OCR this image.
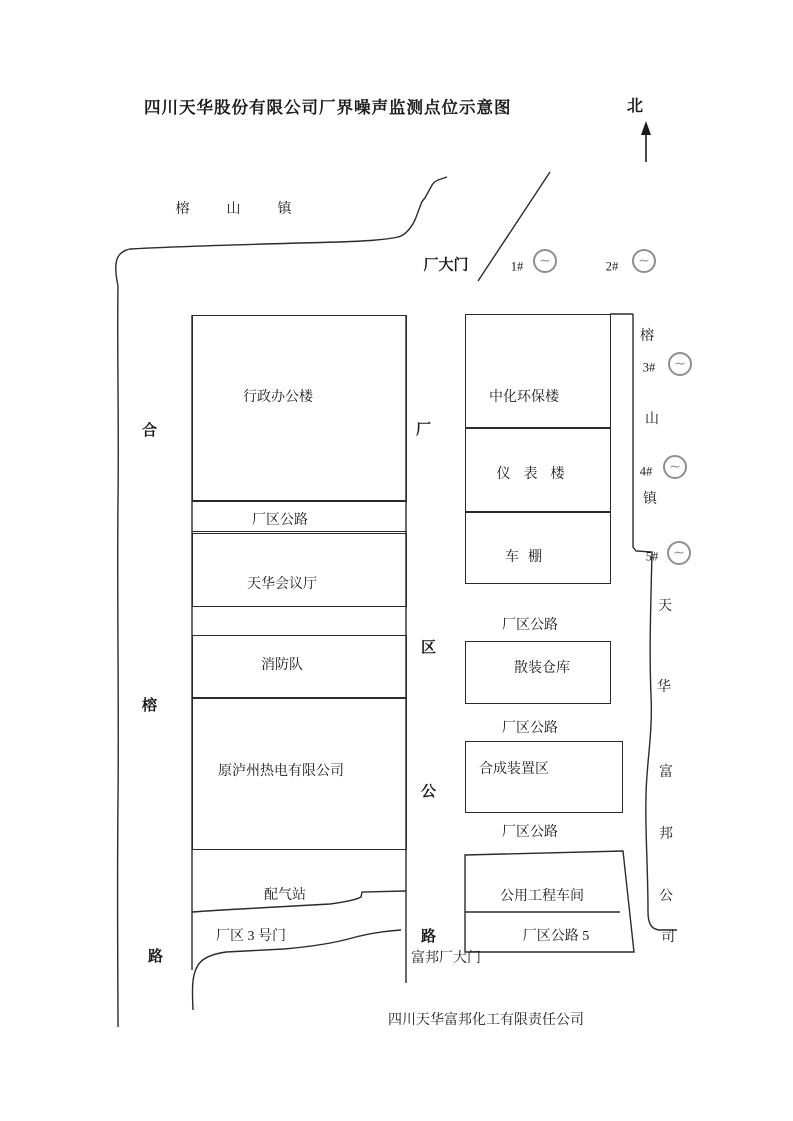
四川天华股份有限公司厂界噪声监测点位示意图	北
榕山镇
厂大门	1# ∼	2# ∼
行政办公楼
厂区公路
天华会议厅
消防队
原泸州热电有限公司
中化环保楼
仪表楼
车棚
厂区公路
散装仓库
厂区公路
合成装置区
厂区公路
公用工程车间
厂区公路 5
配气站
厂区 3 号门
富邦厂大门
四川天华富邦化工有限责任公司
合
榕
路
厂
区
公
路
榕
3# ∼
山
4# ∼
镇
5# ∼
天
华
富
邦
公
司
